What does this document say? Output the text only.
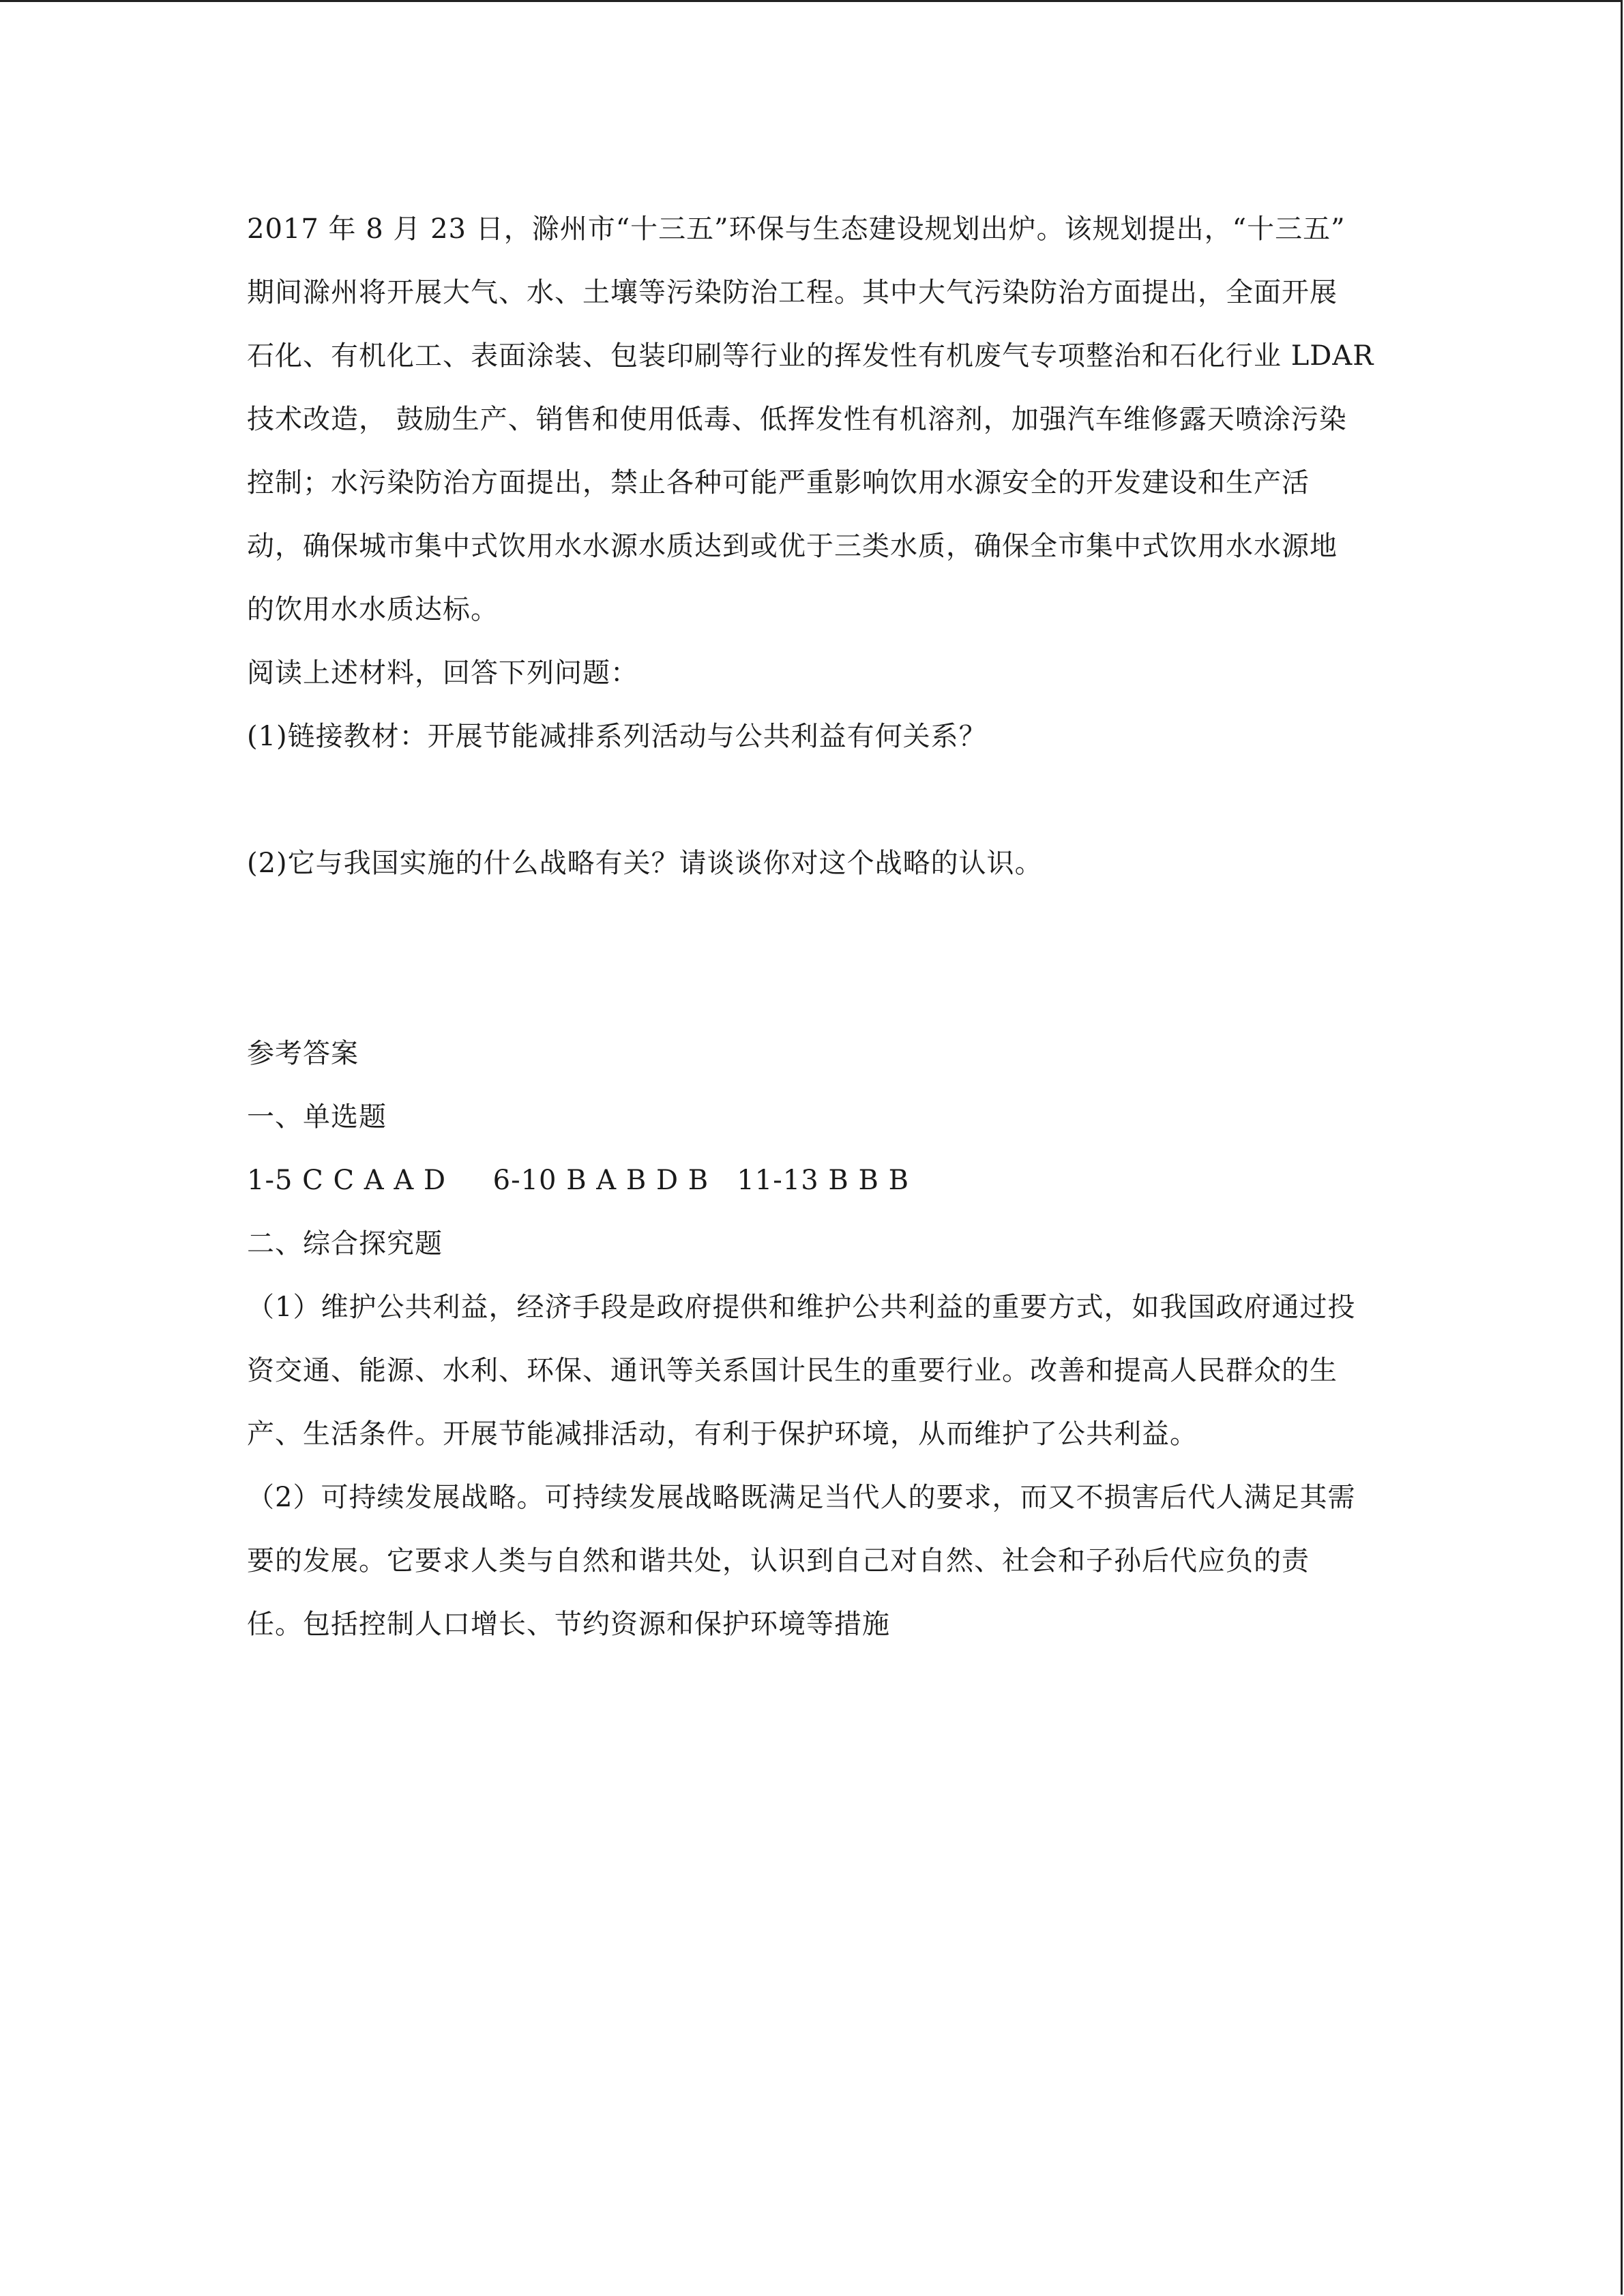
2017 年 8 月 23 日，滁州市“十三五”环保与生态建设规划出炉。该规划提出，“十三五”
期间滁州将开展大气、水、土壤等污染防治工程。其中大气污染防治方面提出，全面开展
石化、有机化工、表面涂装、包装印刷等行业的挥发性有机废气专项整治和石化行业 LDAR
技术改造， 鼓励生产、销售和使用低毒、低挥发性有机溶剂，加强汽车维修露天喷涂污染
控制；水污染防治方面提出，禁止各种可能严重影响饮用水源安全的开发建设和生产活
动，确保城市集中式饮用水水源水质达到或优于三类水质，确保全市集中式饮用水水源地
的饮用水水质达标。
阅读上述材料，回答下列问题：
(1)链接教材：开展节能减排系列活动与公共利益有何关系？
(2)它与我国实施的什么战略有关？请谈谈你对这个战略的认识。
参考答案
一、单选题
1-5 C C A A D     6-10 B A B D B   11-13 B B B
二、综合探究题
（1）维护公共利益，经济手段是政府提供和维护公共利益的重要方式，如我国政府通过投
资交通、能源、水利、环保、通讯等关系国计民生的重要行业。改善和提高人民群众的生
产、生活条件。开展节能减排活动，有利于保护环境，从而维护了公共利益。
（2）可持续发展战略。可持续发展战略既满足当代人的要求，而又不损害后代人满足其需
要的发展。它要求人类与自然和谐共处，认识到自己对自然、社会和子孙后代应负的责
任。包括控制人口增长、节约资源和保护环境等措施
